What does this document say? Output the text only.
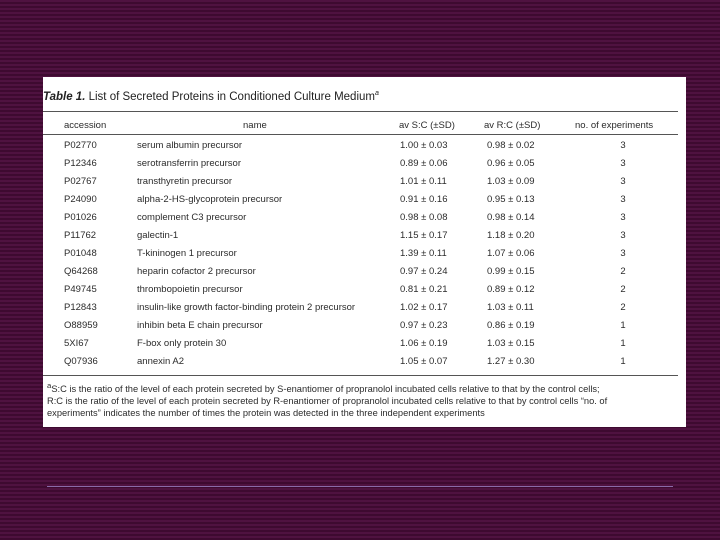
Table 1. List of Secreted Proteins in Conditioned Culture Medium$^a$
accession	name	av S:C (±SD)	av R:C (±SD)	no. of experiments
P02770	serum albumin precursor	1.00 ± 0.03	0.98 ± 0.02	3
P12346	serotransferrin precursor	0.89 ± 0.06	0.96 ± 0.05	3
P02767	transthyretin precursor	1.01 ± 0.11	1.03 ± 0.09	3
P24090	alpha-2-HS-glycoprotein precursor	0.91 ± 0.16	0.95 ± 0.13	3
P01026	complement C3 precursor	0.98 ± 0.08	0.98 ± 0.14	3
P11762	galectin-1	1.15 ± 0.17	1.18 ± 0.20	3
P01048	T-kininogen 1 precursor	1.39 ± 0.11	1.07 ± 0.06	3
Q64268	heparin cofactor 2 precursor	0.97 ± 0.24	0.99 ± 0.15	2
P49745	thrombopoietin precursor	0.81 ± 0.21	0.89 ± 0.12	2
P12843	insulin-like growth factor-binding protein 2 precursor	1.02 ± 0.17	1.03 ± 0.11	2
O88959	inhibin beta E chain precursor	0.97 ± 0.23	0.86 ± 0.19	1
5XI67	F-box only protein 30	1.06 ± 0.19	1.03 ± 0.15	1
Q07936	annexin A2	1.05 ± 0.07	1.27 ± 0.30	1
$^a$S:C is the ratio of the level of each protein secreted by S-enantiomer of propranolol incubated cells relative to that by the control cells;
R:C is the ratio of the level of each protein secreted by R-enantiomer of propranolol incubated cells relative to that by control cells “no. of
experiments” indicates the number of times the protein was detected in the three independent experiments
